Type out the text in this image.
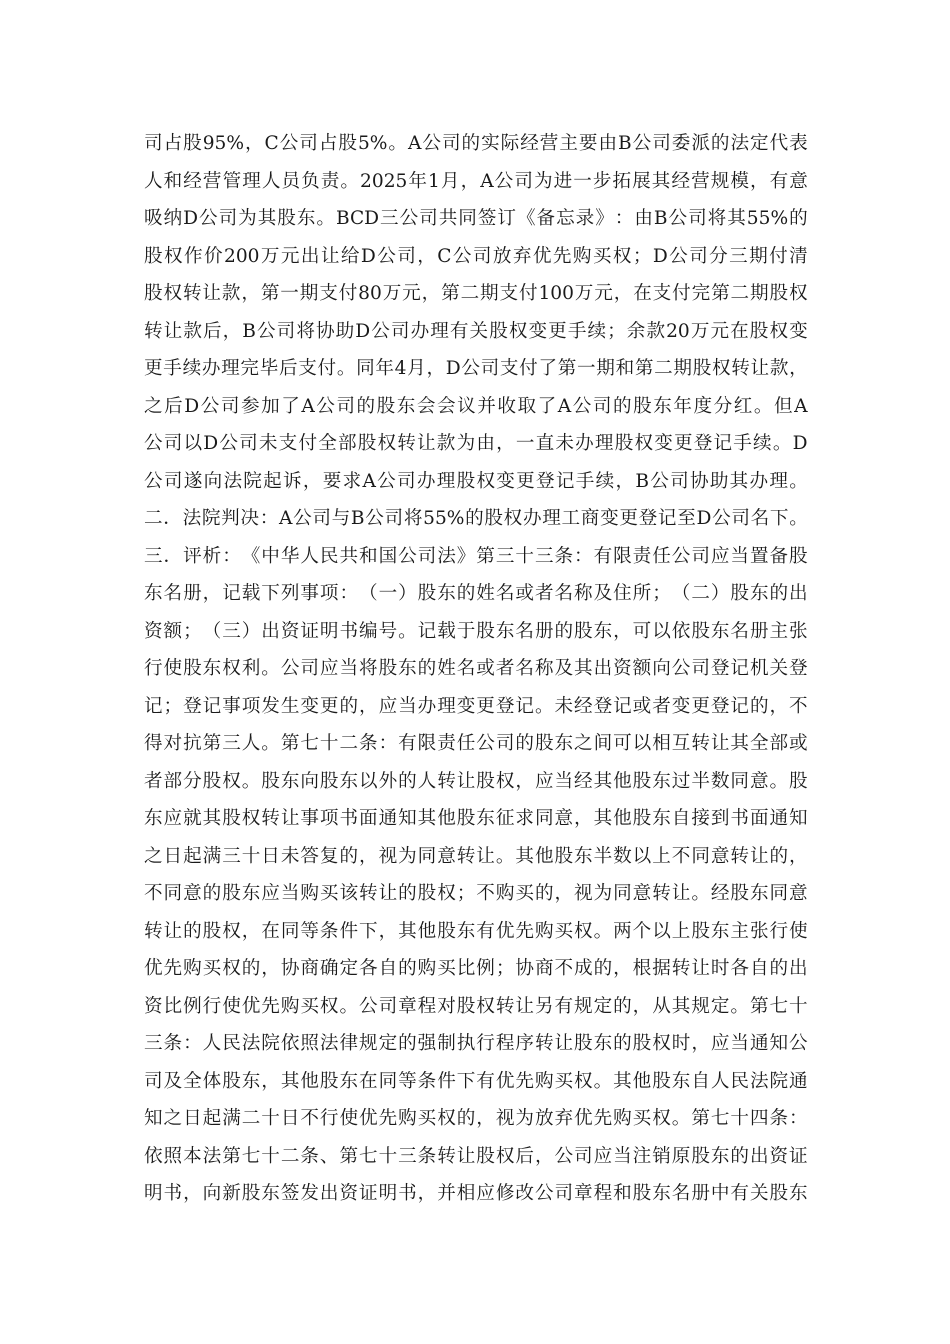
司 占 股 95% ， C 公 司 占 股 5% 。 A 公 司 的 实 际 经 营 主 要 由 B 公 司 委 派 的 法 定 代 表
人 和 经 营 管 理 人 员 负 责 。 2025 年 1 月 ， A 公 司 为 进 一 步 拓 展 其 经 营 规 模 ， 有 意
吸 纳 D 公 司 为 其 股 东 。 BCD 三 公 司 共 同 签 订 《 备 忘 录 》 ： 由 B 公 司 将 其 55% 的
股 权 作 价 200 万 元 出 让 给 D 公 司 ， C 公 司 放 弃 优 先 购 买 权 ； D 公 司 分 三 期 付 清
股 权 转 让 款 ， 第 一 期 支 付 80 万 元 ， 第 二 期 支 付 100 万 元 ， 在 支 付 完 第 二 期 股 权
转 让 款 后 ， B 公 司 将 协 助 D 公 司 办 理 有 关 股 权 变 更 手 续 ； 余 款 20 万 元 在 股 权 变
更 手 续 办 理 完 毕 后 支 付 。 同 年 4 月 ， D 公 司 支 付 了 第 一 期 和 第 二 期 股 权 转 让 款 ，
之 后 D 公 司 参 加 了 A 公 司 的 股 东 会 会 议 并 收 取 了 A 公 司 的 股 东 年 度 分 红 。 但 A
公 司 以 D 公 司 未 支 付 全 部 股 权 转 让 款 为 由 ， 一 直 未 办 理 股 权 变 更 登 记 手 续 。 D
公 司 遂 向 法 院 起 诉 ， 要 求 A 公 司 办 理 股 权 变 更 登 记 手 续 ， B 公 司 协 助 其 办 理 。
二 ． 法 院 判 决 ： A 公 司 与 B 公 司 将 55% 的 股 权 办 理 工 商 变 更 登 记 至 D 公 司 名 下 。
三 ． 评 析 ： 《 中 华 人 民 共 和 国 公 司 法 》 第 三 十 三 条 ： 有 限 责 任 公 司 应 当 置 备 股
东 名 册 ， 记 载 下 列 事 项 ： （ 一 ） 股 东 的 姓 名 或 者 名 称 及 住 所 ； （ 二 ） 股 东 的 出
资 额 ； （ 三 ） 出 资 证 明 书 编 号 。 记 载 于 股 东 名 册 的 股 东 ， 可 以 依 股 东 名 册 主 张
行 使 股 东 权 利 。 公 司 应 当 将 股 东 的 姓 名 或 者 名 称 及 其 出 资 额 向 公 司 登 记 机 关 登
记 ； 登 记 事 项 发 生 变 更 的 ， 应 当 办 理 变 更 登 记 。 未 经 登 记 或 者 变 更 登 记 的 ， 不
得 对 抗 第 三 人 。 第 七 十 二 条 ： 有 限 责 任 公 司 的 股 东 之 间 可 以 相 互 转 让 其 全 部 或
者 部 分 股 权 。 股 东 向 股 东 以 外 的 人 转 让 股 权 ， 应 当 经 其 他 股 东 过 半 数 同 意 。 股
东 应 就 其 股 权 转 让 事 项 书 面 通 知 其 他 股 东 征 求 同 意 ， 其 他 股 东 自 接 到 书 面 通 知
之 日 起 满 三 十 日 未 答 复 的 ， 视 为 同 意 转 让 。 其 他 股 东 半 数 以 上 不 同 意 转 让 的 ，
不 同 意 的 股 东 应 当 购 买 该 转 让 的 股 权 ； 不 购 买 的 ， 视 为 同 意 转 让 。 经 股 东 同 意
转 让 的 股 权 ， 在 同 等 条 件 下 ， 其 他 股 东 有 优 先 购 买 权 。 两 个 以 上 股 东 主 张 行 使
优 先 购 买 权 的 ， 协 商 确 定 各 自 的 购 买 比 例 ； 协 商 不 成 的 ， 根 据 转 让 时 各 自 的 出
资 比 例 行 使 优 先 购 买 权 。 公 司 章 程 对 股 权 转 让 另 有 规 定 的 ， 从 其 规 定 。 第 七 十
三 条 ： 人 民 法 院 依 照 法 律 规 定 的 强 制 执 行 程 序 转 让 股 东 的 股 权 时 ， 应 当 通 知 公
司 及 全 体 股 东 ， 其 他 股 东 在 同 等 条 件 下 有 优 先 购 买 权 。 其 他 股 东 自 人 民 法 院 通
知 之 日 起 满 二 十 日 不 行 使 优 先 购 买 权 的 ， 视 为 放 弃 优 先 购 买 权 。 第 七 十 四 条 ：
依 照 本 法 第 七 十 二 条 、 第 七 十 三 条 转 让 股 权 后 ， 公 司 应 当 注 销 原 股 东 的 出 资 证
明 书 ， 向 新 股 东 签 发 出 资 证 明 书 ， 并 相 应 修 改 公 司 章 程 和 股 东 名 册 中 有 关 股 东
